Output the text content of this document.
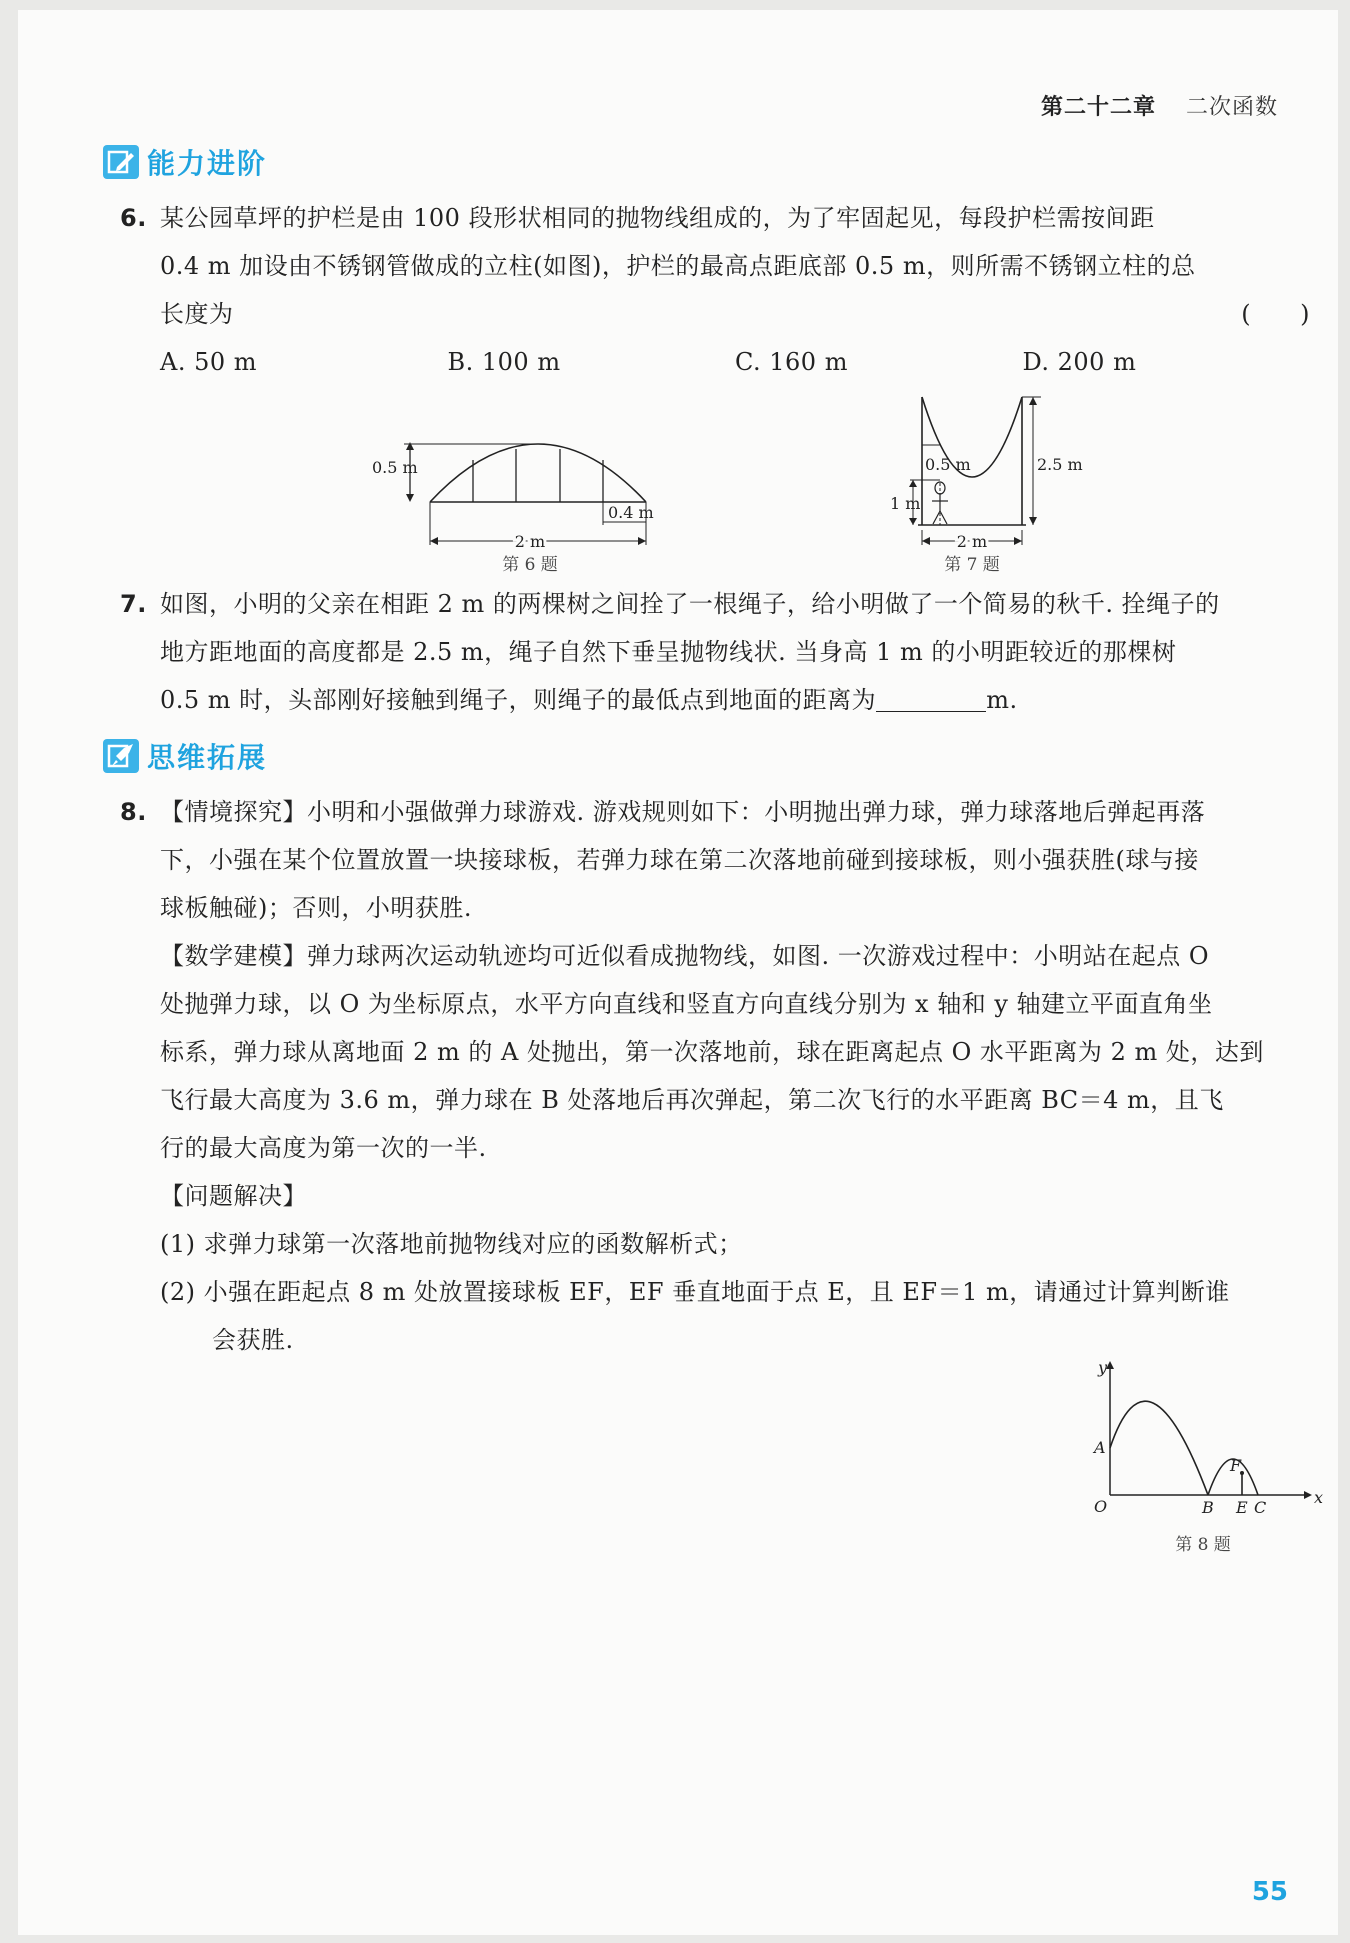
第二十二章 二次函数
能力进阶
6. 某公园草坪的护栏是由 100 段形状相同的抛物线组成的，为了牢固起见，每段护栏需按间距
0.4 m 加设由不锈钢管做成的立柱(如图)，护栏的最高点距底部 0.5 m，则所需不锈钢立柱的总
长度为	(　　)
A. 50 m	B. 100 m	C. 160 m	D. 200 m
0.5 m
0.4 m
2 m
第 6 题
0.5 m	2.5 m
1 m
2 m
第 7 题
7. 如图，小明的父亲在相距 2 m 的两棵树之间拴了一根绳子，给小明做了一个简易的秋千. 拴绳子的
地方距地面的高度都是 2.5 m，绳子自然下垂呈抛物线状. 当身高 1 m 的小明距较近的那棵树
0.5 m 时，头部刚好接触到绳子，则绳子的最低点到地面的距离为	m.
思维拓展
8. 【情境探究】小明和小强做弹力球游戏. 游戏规则如下：小明抛出弹力球，弹力球落地后弹起再落
下，小强在某个位置放置一块接球板，若弹力球在第二次落地前碰到接球板，则小强获胜(球与接
球板触碰)；否则，小明获胜.
【数学建模】弹力球两次运动轨迹均可近似看成抛物线，如图. 一次游戏过程中：小明站在起点 O
处抛弹力球，以 O 为坐标原点，水平方向直线和竖直方向直线分别为 x 轴和 y 轴建立平面直角坐
标系，弹力球从离地面 2 m 的 A 处抛出，第一次落地前，球在距离起点 O 水平距离为 2 m 处，达到
飞行最大高度为 3.6 m，弹力球在 B 处落地后再次弹起，第二次飞行的水平距离 BC＝4 m，且飞
行的最大高度为第一次的一半.
【问题解决】
(1) 求弹力球第一次落地前抛物线对应的函数解析式；
(2) 小强在距起点 8 m 处放置接球板 EF，EF 垂直地面于点 E，且 EF＝1 m，请通过计算判断谁
会获胜.
y
x
O
A
B E C
F
第 8 题
55
